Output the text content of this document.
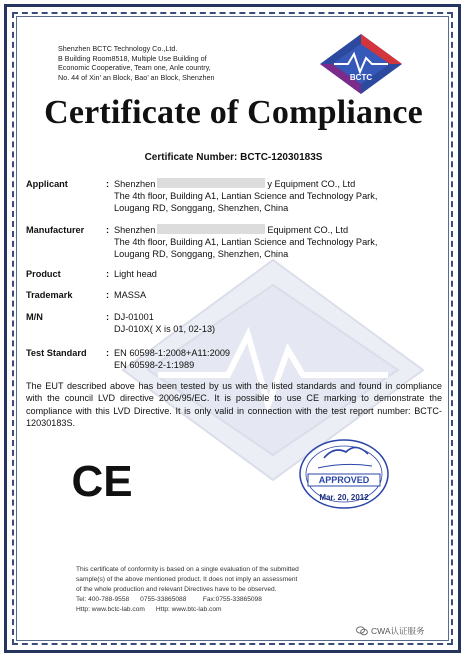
Shenzhen BCTC Technology Co.,Ltd.
B Building Room8518, Multiple Use Building of
Economic Cooperative, Team one, Anle country,
No. 44 of Xin’ an Block, Bao’ an Block, Shenzhen	BCTC
Certificate of Compliance
Certificate Number: BCTC-12030183S
Applicant	: Shenzhen	y Equipment CO., Ltd
The 4th floor, Building A1, Lantian Science and Technology Park,
Lougang RD, Songgang, Shenzhen, China
Manufacturer : Shenzhen	Equipment CO., Ltd
The 4th floor, Building A1, Lantian Science and Technology Park,
Lougang RD, Songgang, Shenzhen, China
Product	: Light head
Trademark	: MASSA
M/N	: DJ-01001
DJ-010X( X is 01, 02-13)
Test Standard : EN 60598-1:2008+A11:2009
EN 60598-2-1:1989
The EUT described above has been tested by us with the listed standards and found in compliance with the council LVD directive 2006/95/EC. It is possible to use CE marking to demonstrate the compliance with this LVD Directive. It is only valid in connection with the test report number: BCTC-12030183S.
CE	APPROVED
Mar. 20, 2012
This certificate of conformity is based on a single evaluation of the submitted
sample(s) of the above mentioned product. It does not imply an assessment
of the whole production and relevant Directives have to be observed.
Tel: 400-788-9558 0755-33865088	Fax:0755-33865098
Http: www.bctc-lab.com Http: www.btc-lab.com
CWA认证服务
